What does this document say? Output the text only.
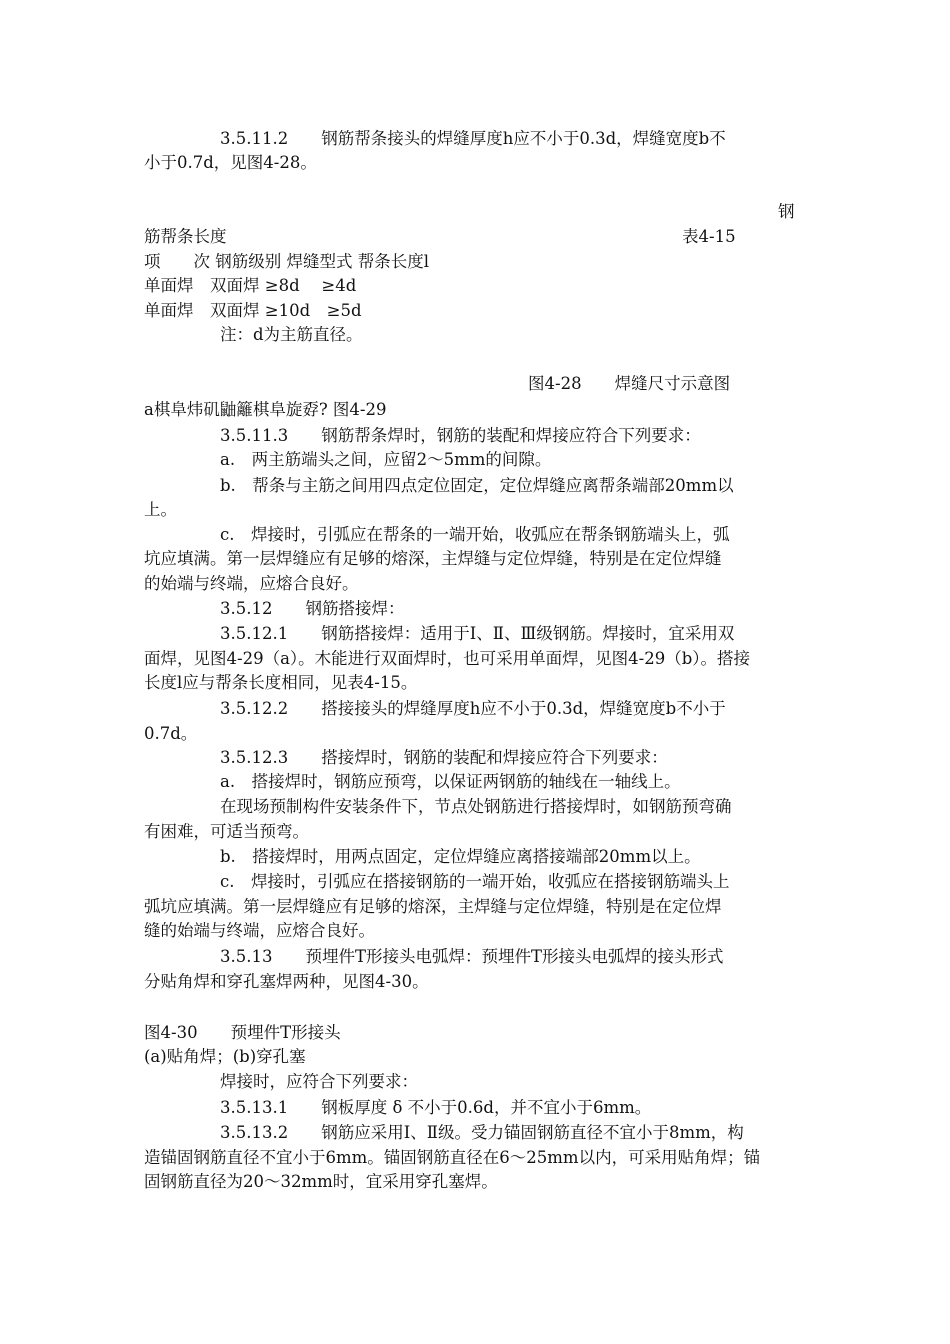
3.5.11.2　　钢筋帮条接头的焊缝厚度h应不小于0.3d，焊缝宽度b不
小于0.7d，见图4-28。
钢
筋帮条长度	表4-15
项　　次 钢筋级别 焊缝型式 帮条长度l
单面焊　双面焊 ≥8d　 ≥4d
单面焊　双面焊 ≥10d　≥5d
注：d为主筋直径。
图4-28　　焊缝尺寸示意图
a棋阜炜矶鼬籬棋阜旋孬? 图4-29
3.5.11.3　　钢筋帮条焊时，钢筋的装配和焊接应符合下列要求：
a.　两主筋端头之间，应留2～5mm的间隙。
b.　帮条与主筋之间用四点定位固定，定位焊缝应离帮条端部20mm以
上。
c.　焊接时，引弧应在帮条的一端开始，收弧应在帮条钢筋端头上，弧
坑应填满。第一层焊缝应有足够的熔深，主焊缝与定位焊缝，特别是在定位焊缝
的始端与终端，应熔合良好。
3.5.12　　钢筋搭接焊：
3.5.12.1　　钢筋搭接焊：适用于Ⅰ、Ⅱ、Ⅲ级钢筋。焊接时，宜采用双
面焊，见图4-29（a）。木能进行双面焊时，也可采用单面焊，见图4-29（b）。搭接
长度l应与帮条长度相同，见表4-15。
3.5.12.2　　搭接接头的焊缝厚度h应不小于0.3d，焊缝宽度b不小于
0.7d。
3.5.12.3　　搭接焊时，钢筋的装配和焊接应符合下列要求：
a.　搭接焊时，钢筋应预弯，以保证两钢筋的轴线在一轴线上。
在现场预制构件安装条件下，节点处钢筋进行搭接焊时，如钢筋预弯确
有困难，可适当预弯。
b.　搭接焊时，用两点固定，定位焊缝应离搭接端部20mm以上。
c.　焊接时，引弧应在搭接钢筋的一端开始，收弧应在搭接钢筋端头上
弧坑应填满。第一层焊缝应有足够的熔深，主焊缝与定位焊缝，特别是在定位焊
缝的始端与终端，应熔合良好。
3.5.13　　预埋件T形接头电弧焊：预埋件T形接头电弧焊的接头形式
分贴角焊和穿孔塞焊两种，见图4-30。
图4-30　　预埋件T形接头
(a)贴角焊；(b)穿孔塞
焊接时，应符合下列要求：
3.5.13.1　　钢板厚度 δ 不小于0.6d，并不宜小于6mm。
3.5.13.2　　钢筋应采用Ⅰ、Ⅱ级。受力锚固钢筋直径不宜小于8mm，构
造锚固钢筋直径不宜小于6mm。锚固钢筋直径在6～25mm以内，可采用贴角焊；锚
固钢筋直径为20～32mm时，宜采用穿孔塞焊。
